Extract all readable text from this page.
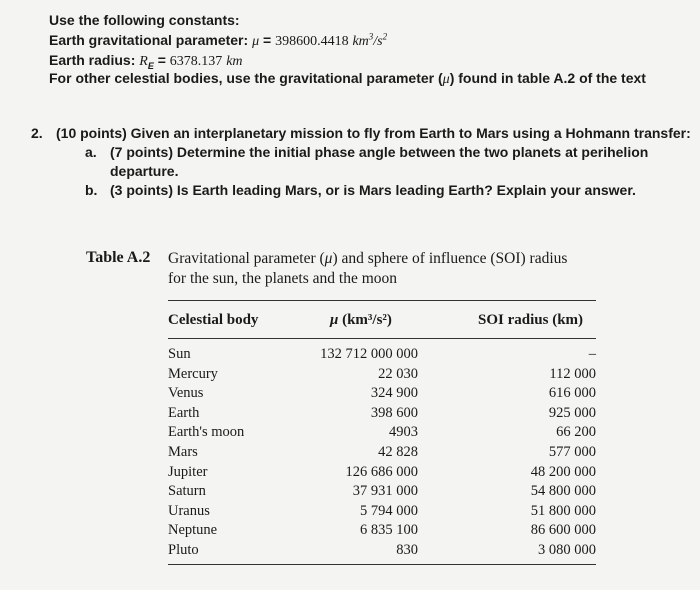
Use the following constants:
Earth gravitational parameter: μ = 398600.4418 $km^3/s^2$
Earth radius: $R_E = 6378.137$ km
For other celestial bodies, use the gravitational parameter (μ) found in table A.2 of the text
2. (10 points) Given an interplanetary mission to fly from Earth to Mars using a Hohmann transfer:
a. (7 points) Determine the initial phase angle between the two planets at perihelion
departure.
b. (3 points) Is Earth leading Mars, or is Mars leading Earth? Explain your answer.
Table A.2 Gravitational parameter (μ) and sphere of influence (SOI) radius
for the sun, the planets and the moon
Celestial body	μ (km³/s²)	SOI radius (km)
Sun
Mercury
Venus
Earth
Earth's moon
Mars
Jupiter
Saturn
Uranus
Neptune
Pluto
132 712 000 000
22 030
324 900
398 600
4903
42 828
126 686 000
37 931 000
5 794 000
6 835 100
830
–
112 000
616 000
925 000
66 200
577 000
48 200 000
54 800 000
51 800 000
86 600 000
3 080 000
